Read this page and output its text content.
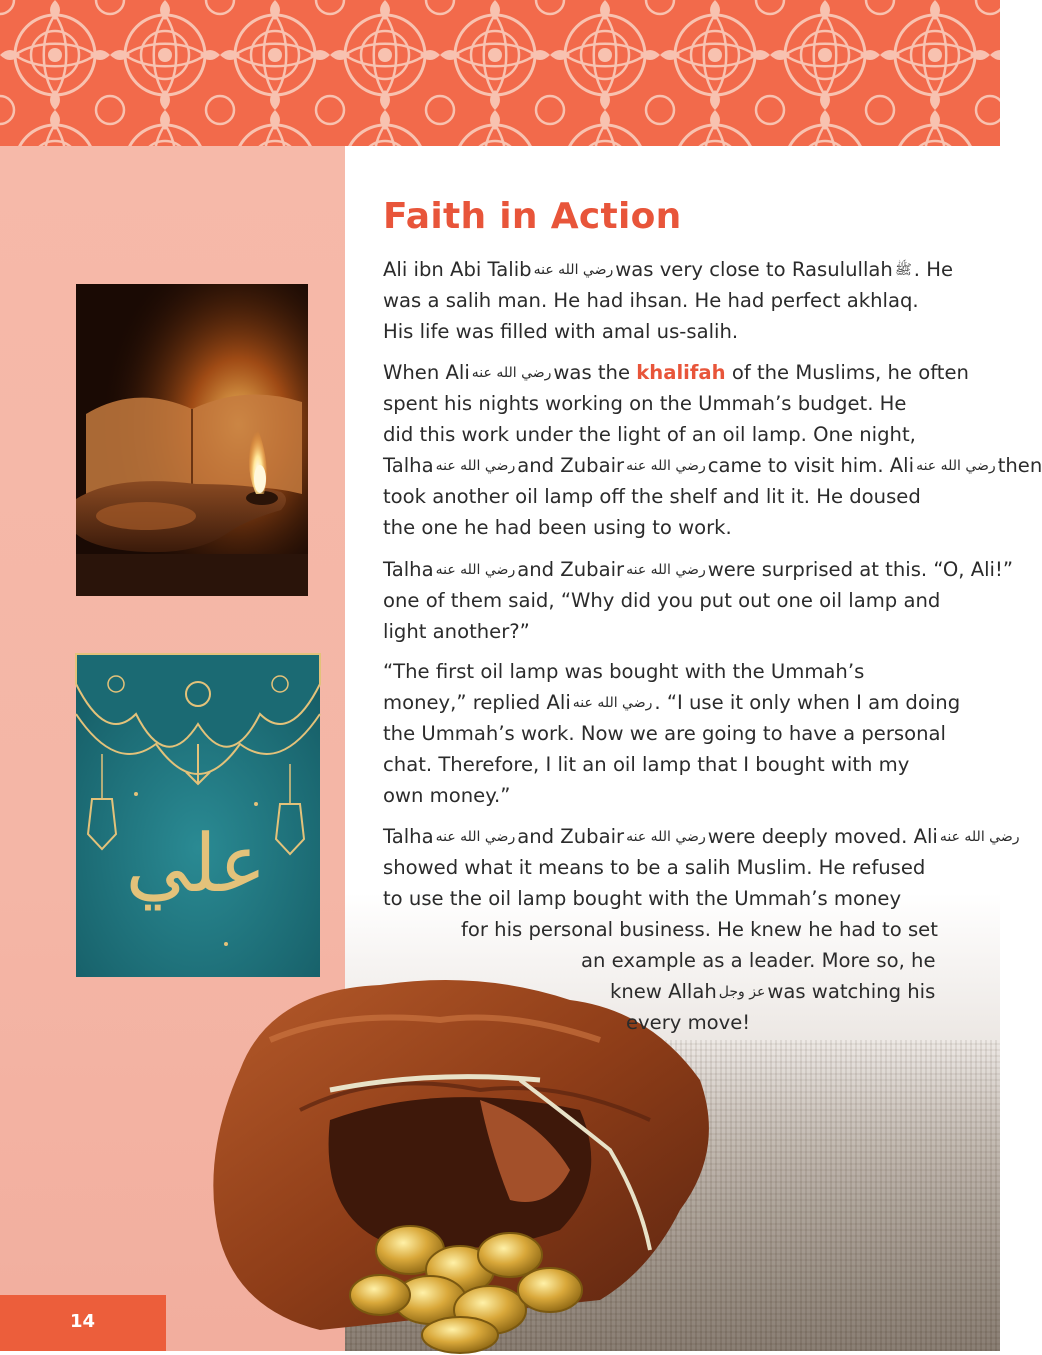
علي
Faith in Action
Ali ibn Abi Talib رضي الله عنه was very close to Rasulullah ﷺ . He
was a salih man. He had ihsan. He had perfect akhlaq.
His life was filled with amal us-salih.
When Ali رضي الله عنه was the khalifah of the Muslims, he often
spent his nights working on the Ummah’s budget. He
did this work under the light of an oil lamp. One night,
Talha رضي الله عنه and Zubair رضي الله عنه came to visit him. Ali رضي الله عنه then
took another oil lamp off the shelf and lit it. He doused
the one he had been using to work.
Talha رضي الله عنه and Zubair رضي الله عنه were surprised at this. “O, Ali!”
one of them said, “Why did you put out one oil lamp and
light another?”
“The first oil lamp was bought with the Ummah’s
money,” replied Ali رضي الله عنه . “I use it only when I am doing
the Ummah’s work. Now we are going to have a personal
chat. Therefore, I lit an oil lamp that I bought with my
own money.”
Talha رضي الله عنه and Zubair رضي الله عنه were deeply moved. Ali رضي الله عنه
showed what it means to be a salih Muslim. He refused
to use the oil lamp bought with the Ummah’s money
for his personal business. He knew he had to set
an example as a leader. More so, he
knew Allah عز وجل was watching his
every move!
14
